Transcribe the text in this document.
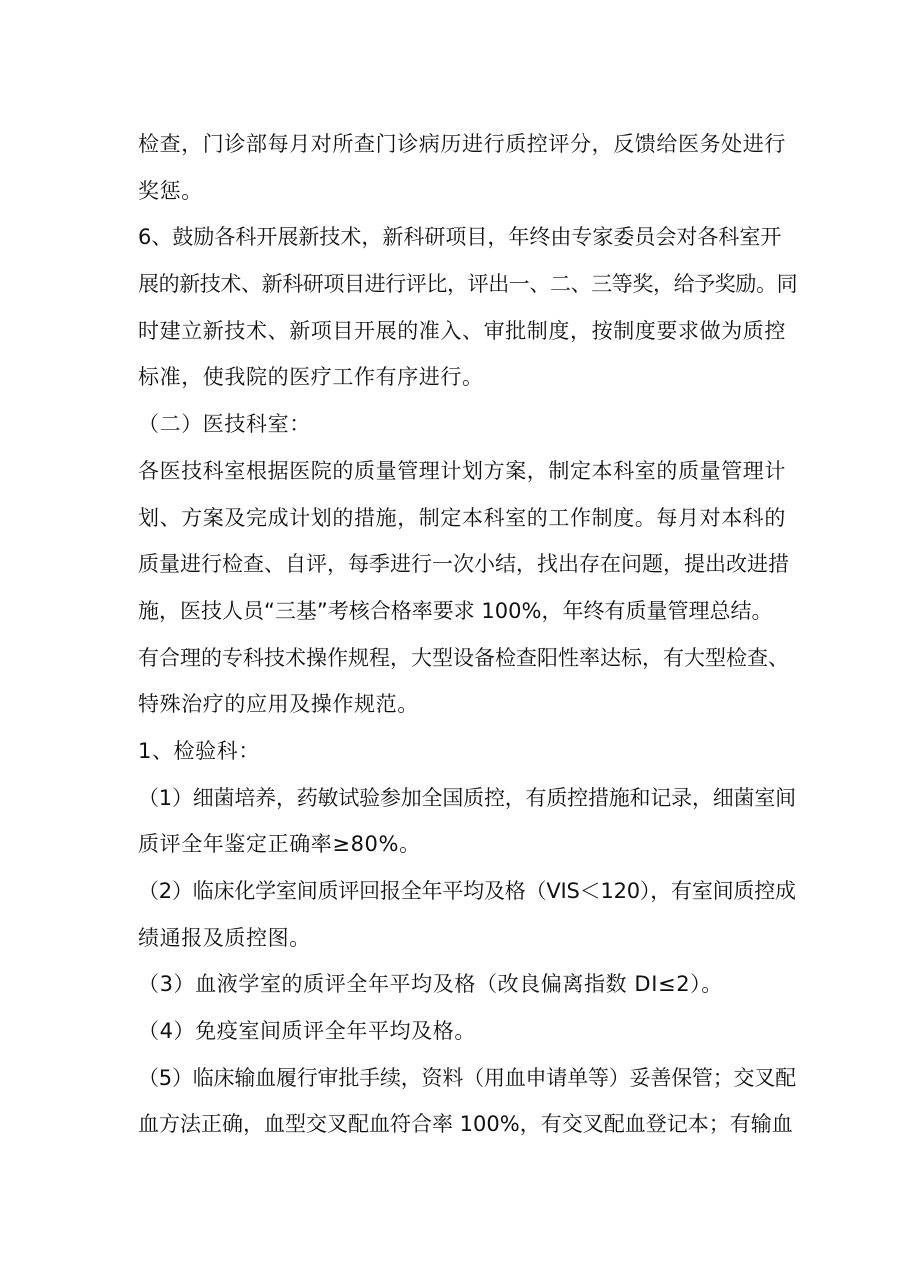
检查，门诊部每月对所查门诊病历进行质控评分，反馈给医务处进行
奖惩。
6、鼓励各科开展新技术，新科研项目，年终由专家委员会对各科室开
展的新技术、新科研项目进行评比，评出一、二、三等奖，给予奖励。同
时建立新技术、新项目开展的准入、审批制度，按制度要求做为质控
标准，使我院的医疗工作有序进行。
（二）医技科室：
各医技科室根据医院的质量管理计划方案，制定本科室的质量管理计
划、方案及完成计划的措施，制定本科室的工作制度。每月对本科的
质量进行检查、自评，每季进行一次小结，找出存在问题，提出改进措
施，医技人员“三基”考核合格率要求 100%，年终有质量管理总结。
有合理的专科技术操作规程，大型设备检查阳性率达标，有大型检查、
特殊治疗的应用及操作规范。
1、检验科：
（1）细菌培养，药敏试验参加全国质控，有质控措施和记录，细菌室间
质评全年鉴定正确率≥80%。
（2）临床化学室间质评回报全年平均及格（VIS＜120），有室间质控成
绩通报及质控图。
（3）血液学室的质评全年平均及格（改良偏离指数 DI≤2）。
（4）免疫室间质评全年平均及格。
（5）临床输血履行审批手续，资料（用血申请单等）妥善保管；交叉配
血方法正确，血型交叉配血符合率 100%，有交叉配血登记本；有输血
